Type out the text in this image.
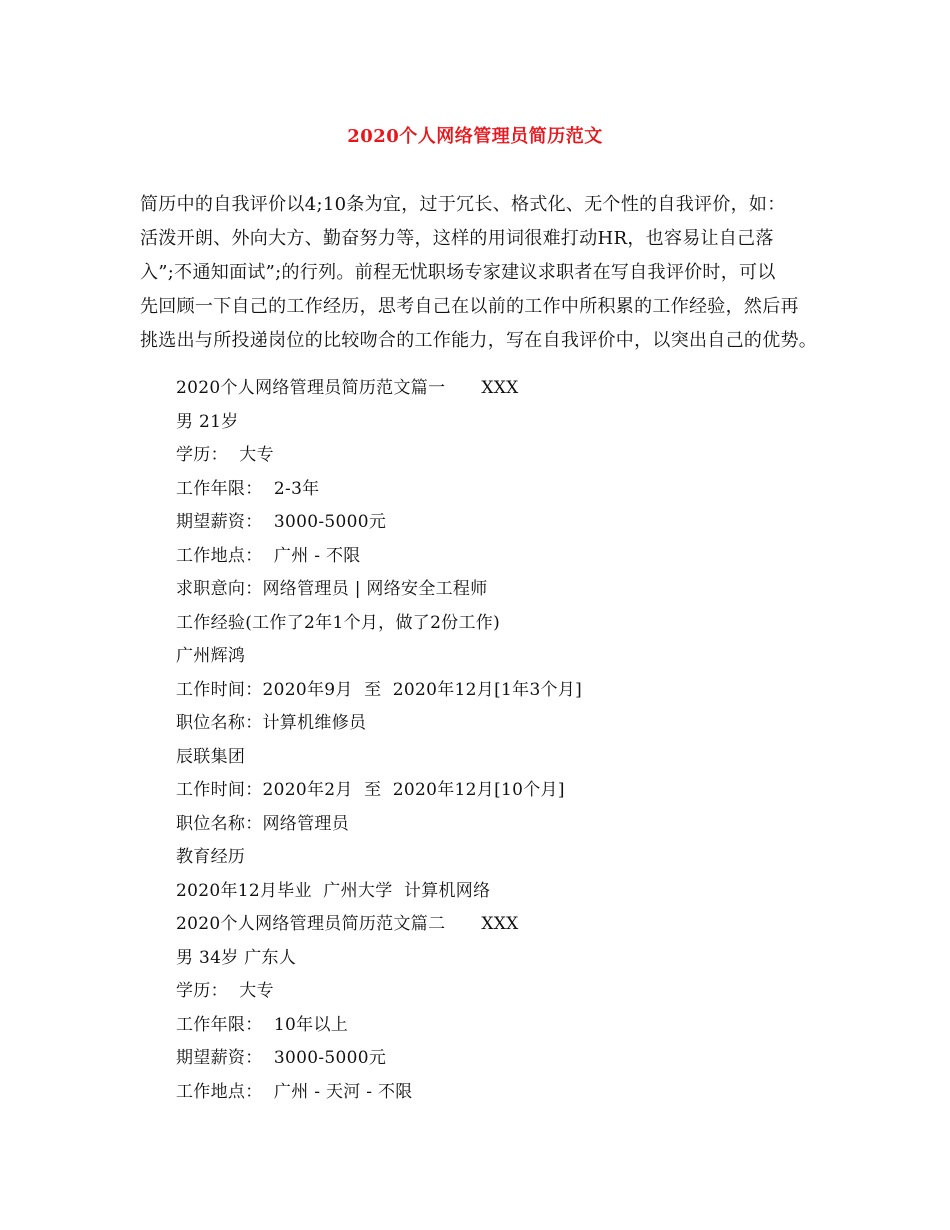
2020个人网络管理员简历范文

简历中的自我评价以4;10条为宜，过于冗长、格式化、无个性的自我评价，如：

活泼开朗、外向大方、勤奋努力等，这样的用词很难打动HR，也容易让自己落

入”;不通知面试”;的行列。前程无忧职场专家建议求职者在写自我评价时，可以

先回顾一下自己的工作经历，思考自己在以前的工作中所积累的工作经验，然后再

挑选出与所投递岗位的比较吻合的工作能力，写在自我评价中，以突出自己的优势。

2020个人网络管理员简历范文篇一 XXX
男 21岁
学历：  大专
工作年限：  2-3年
期望薪资：  3000-5000元
工作地点：  广州 - 不限
求职意向：网络管理员 | 网络安全工程师
工作经验(工作了2年1个月，做了2份工作)
广州辉鸿
工作时间：2020年9月  至  2020年12月[1年3个月]
职位名称：计算机维修员
辰联集团
工作时间：2020年2月  至  2020年12月[10个月]
职位名称：网络管理员
教育经历
2020年12月毕业  广州大学  计算机网络
2020个人网络管理员简历范文篇二 XXX
男 34岁 广东人
学历：  大专
工作年限：  10年以上
期望薪资：  3000-5000元
工作地点：  广州 - 天河 - 不限
